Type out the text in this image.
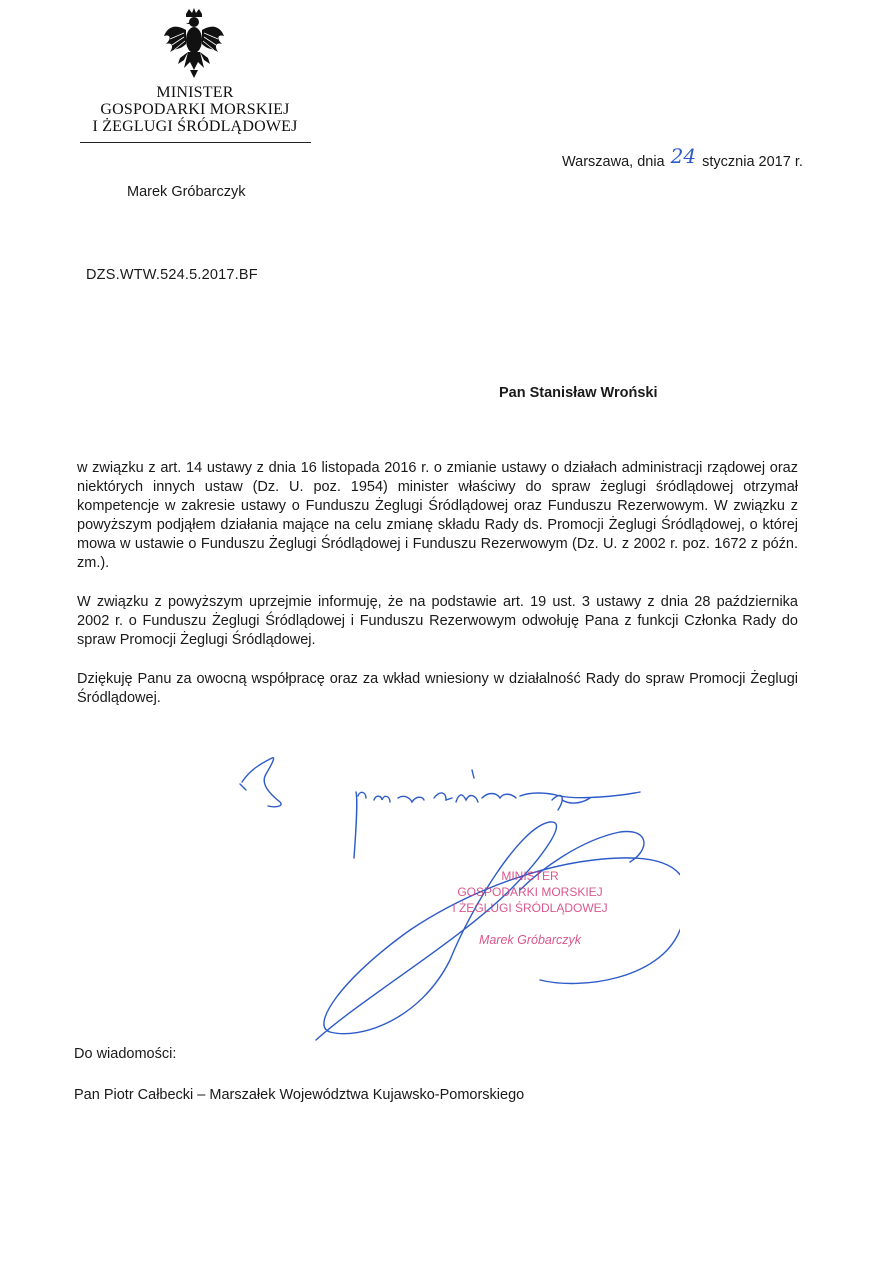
MINISTER
GOSPODARKI MORSKIEJ
I ŻEGLUGI ŚRÓDLĄDOWEJ
Warszawa, dnia 24 stycznia 2017 r.
Marek Gróbarczyk
DZS.WTW.524.5.2017.BF
Pan Stanisław Wroński

w związku z art. 14 ustawy z dnia 16 listopada 2016 r. o zmianie ustawy o działach administracji rządowej oraz niektórych innych ustaw (Dz. U. poz. 1954) minister właściwy do spraw żeglugi śródlądowej otrzymał kompetencje w zakresie ustawy o Funduszu Żeglugi Śródlądowej oraz Funduszu Rezerwowym. W związku z powyższym podjąłem działania mające na celu zmianę składu Rady ds. Promocji Żeglugi Śródlądowej, o której mowa w ustawie o Funduszu Żeglugi Śródlądowej i Funduszu Rezerwowym (Dz. U. z 2002 r. poz. 1672 z późn. zm.).

W związku z powyższym uprzejmie informuję, że na podstawie art. 19 ust. 3 ustawy z dnia 28 października 2002 r. o Funduszu Żeglugi Śródlądowej i Funduszu Rezerwowym odwołuję Pana z funkcji Członka Rady do spraw Promocji Żeglugi Śródlądowej.

Dziękuję Panu za owocną współpracę oraz za wkład wniesiony w działalność Rady do spraw Promocji Żeglugi Śródlądowej.

MINISTER
GOSPODARKI MORSKIEJ
I ŻEGLUGI ŚRÓDLĄDOWEJ
Marek Gróbarczyk
Do wiadomości:
Pan Piotr Całbecki – Marszałek Województwa Kujawsko-Pomorskiego
